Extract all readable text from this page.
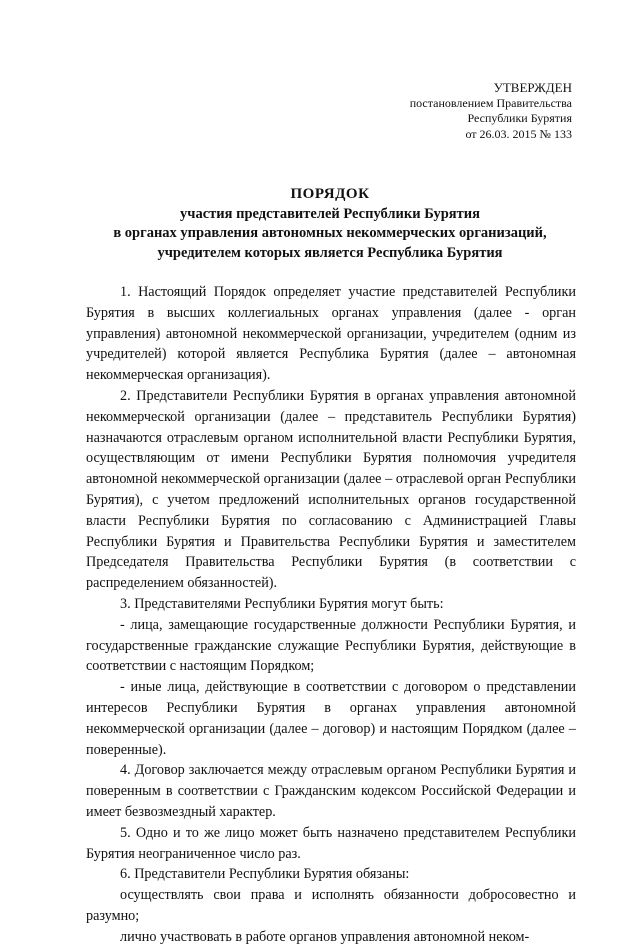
УТВЕРЖДЕН
постановлением Правительства
Республики Бурятия
от 26.03. 2015 № 133
ПОРЯДОК
участия представителей Республики Бурятия
в органах управления автономных некоммерческих организаций,
учредителем которых является Республика Бурятия

1. Настоящий Порядок определяет участие представителей Республики Бурятия в высших коллегиальных органах управления (далее - орган управления) автономной некоммерческой организации, учредителем (одним из учредителей) которой является Республика Бурятия (далее – автономная некоммерческая организация).

2. Представители Республики Бурятия в органах управления автономной некоммерческой организации (далее – представитель Республики Бурятия) назначаются отраслевым органом исполнительной власти Республики Бурятия, осуществляющим от имени Республики Бурятия полномочия учредителя автономной некоммерческой организации (далее – отраслевой орган Республики Бурятия), с учетом предложений исполнительных органов государственной власти Республики Бурятия по согласованию с Администрацией Главы Республики Бурятия и Правительства Республики Бурятия и заместителем Председателя Правительства Республики Бурятия (в соответствии с распределением обязанностей).

3. Представителями Республики Бурятия могут быть:

- лица, замещающие государственные должности Республики Бурятия, и государственные гражданские служащие Республики Бурятия, действующие в соответствии с настоящим Порядком;

- иные лица, действующие в соответствии с договором о представлении интересов Республики Бурятия в органах управления автономной некоммерческой организации (далее – договор) и настоящим Порядком (далее – поверенные).

4. Договор заключается между отраслевым органом Республики Бурятия и поверенным в соответствии с Гражданским кодексом Российской Федерации и имеет безвозмездный характер.

5. Одно и то же лицо может быть назначено представителем Республики Бурятия неограниченное число раз.

6. Представители Республики Бурятия обязаны:

осуществлять свои права и исполнять обязанности добросовестно и разумно;

лично участвовать в работе органов управления автономной неком-
